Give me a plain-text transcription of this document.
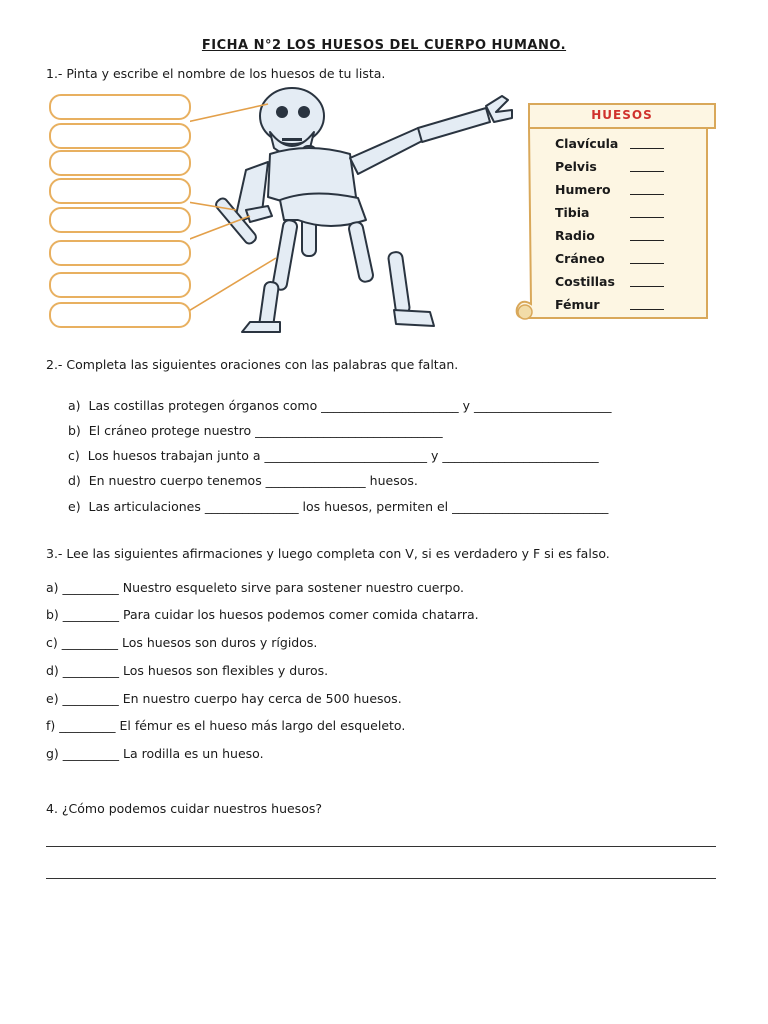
FICHA N°2 LOS HUESOS DEL CUERPO HUMANO.
1.- Pinta y escribe el nombre de los huesos de tu lista.
HUESOS
Clavícula
Pelvis
Humero
Tibia
Radio
Cráneo
Costillas
Fémur
2.- Completa las siguientes oraciones con las palabras que faltan.
a)  Las costillas protegen órganos como ______________________ y ______________________
b)  El cráneo protege nuestro ______________________________
c)  Los huesos trabajan junto a __________________________ y _________________________
d)  En nuestro cuerpo tenemos ________________ huesos.
e)  Las articulaciones _______________ los huesos, permiten el _________________________
3.- Lee las siguientes afirmaciones y luego completa con V, si es verdadero y F si es falso.
a) _________ Nuestro esqueleto sirve para sostener nuestro cuerpo.
b) _________ Para cuidar los huesos podemos comer comida chatarra.
c) _________ Los huesos son duros y rígidos.
d) _________ Los huesos son flexibles y duros.
e) _________ En nuestro cuerpo hay cerca de 500 huesos.
f) _________ El fémur es el hueso más largo del esqueleto.
g) _________ La rodilla es un hueso.
4. ¿Cómo podemos cuidar nuestros huesos?
